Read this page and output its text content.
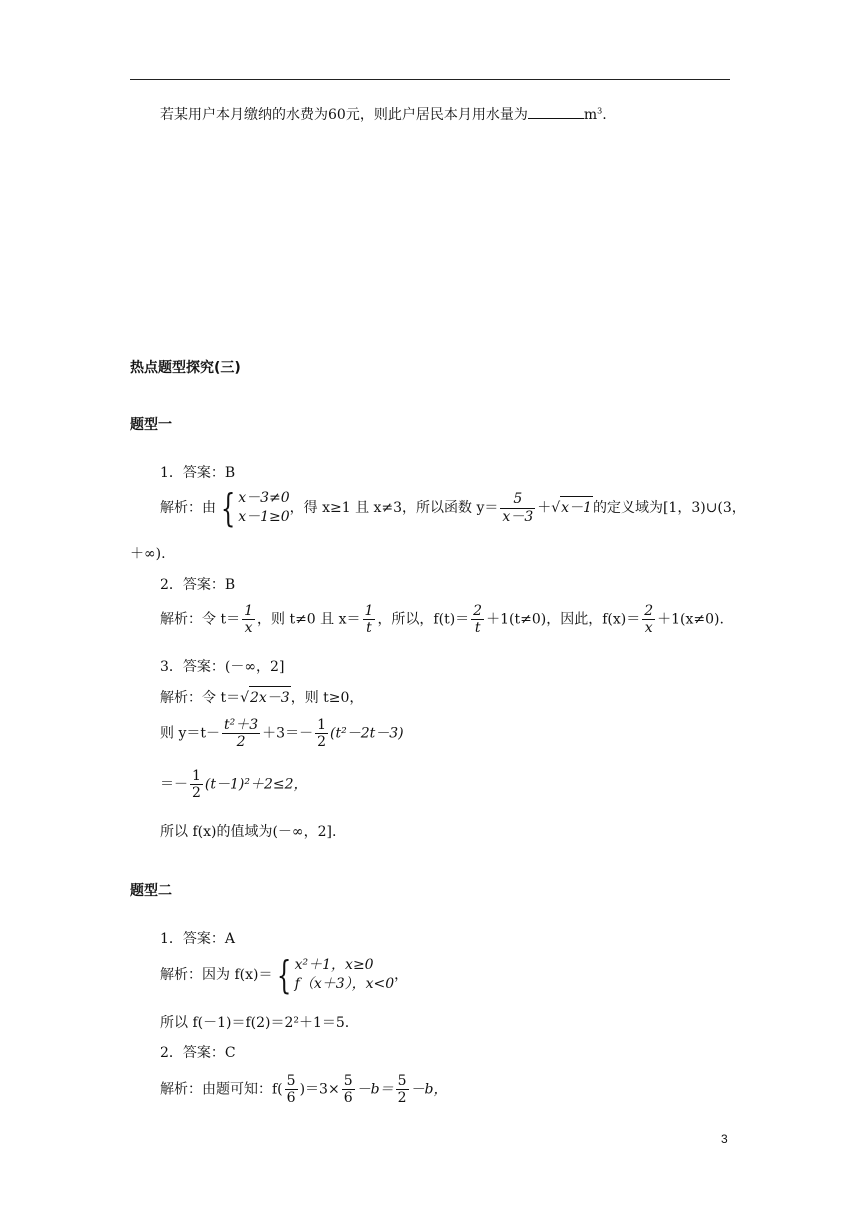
若某用户本月缴纳的水费为60元，则此户居民本月用水量为	$m^3$.
热点题型探究(三)
题型一
1．答案：B
解析：由 { x－3≠0
x－1≥0
，得 x≥1 且 x≠3，所以函数 $y= \frac{5}{x-3} +√x-1$的定义域为[1，3)∪(3，
＋∞).
2．答案：B
解析：令 $t= \frac{1}{x}$ ，则 t≠0 且 $x= \frac{1}{t}$ ，所以，$f(t)= \frac{2}{t} +1(t\ne 0)$，因此，$f(x)= \frac{2}{x} +1(x\ne 0)$.
3．答案：(－∞，2]
解析：令 t＝√2x－3，则 t≥0，
则 $y=t- \frac{\text{t²＋3}}{2} +3=- \frac{1}{2} (t^2-2t-3)$
＝－ $\frac{1}{2} (t-1)^2+2\le 2$，
所以 f(x)的值域为(－∞，2].
题型二
1．答案：A
解析：因为 f(x)＝ { x²＋1，x≥0
f（x＋3），x<0
，
所以 f(－1)＝f(2)＝2²＋1＝5.
2．答案：C
解析：由题可知：$f( \frac{5}{6} )=3\times \frac{5}{6} -b= \frac{5}{2} -b$，
3
